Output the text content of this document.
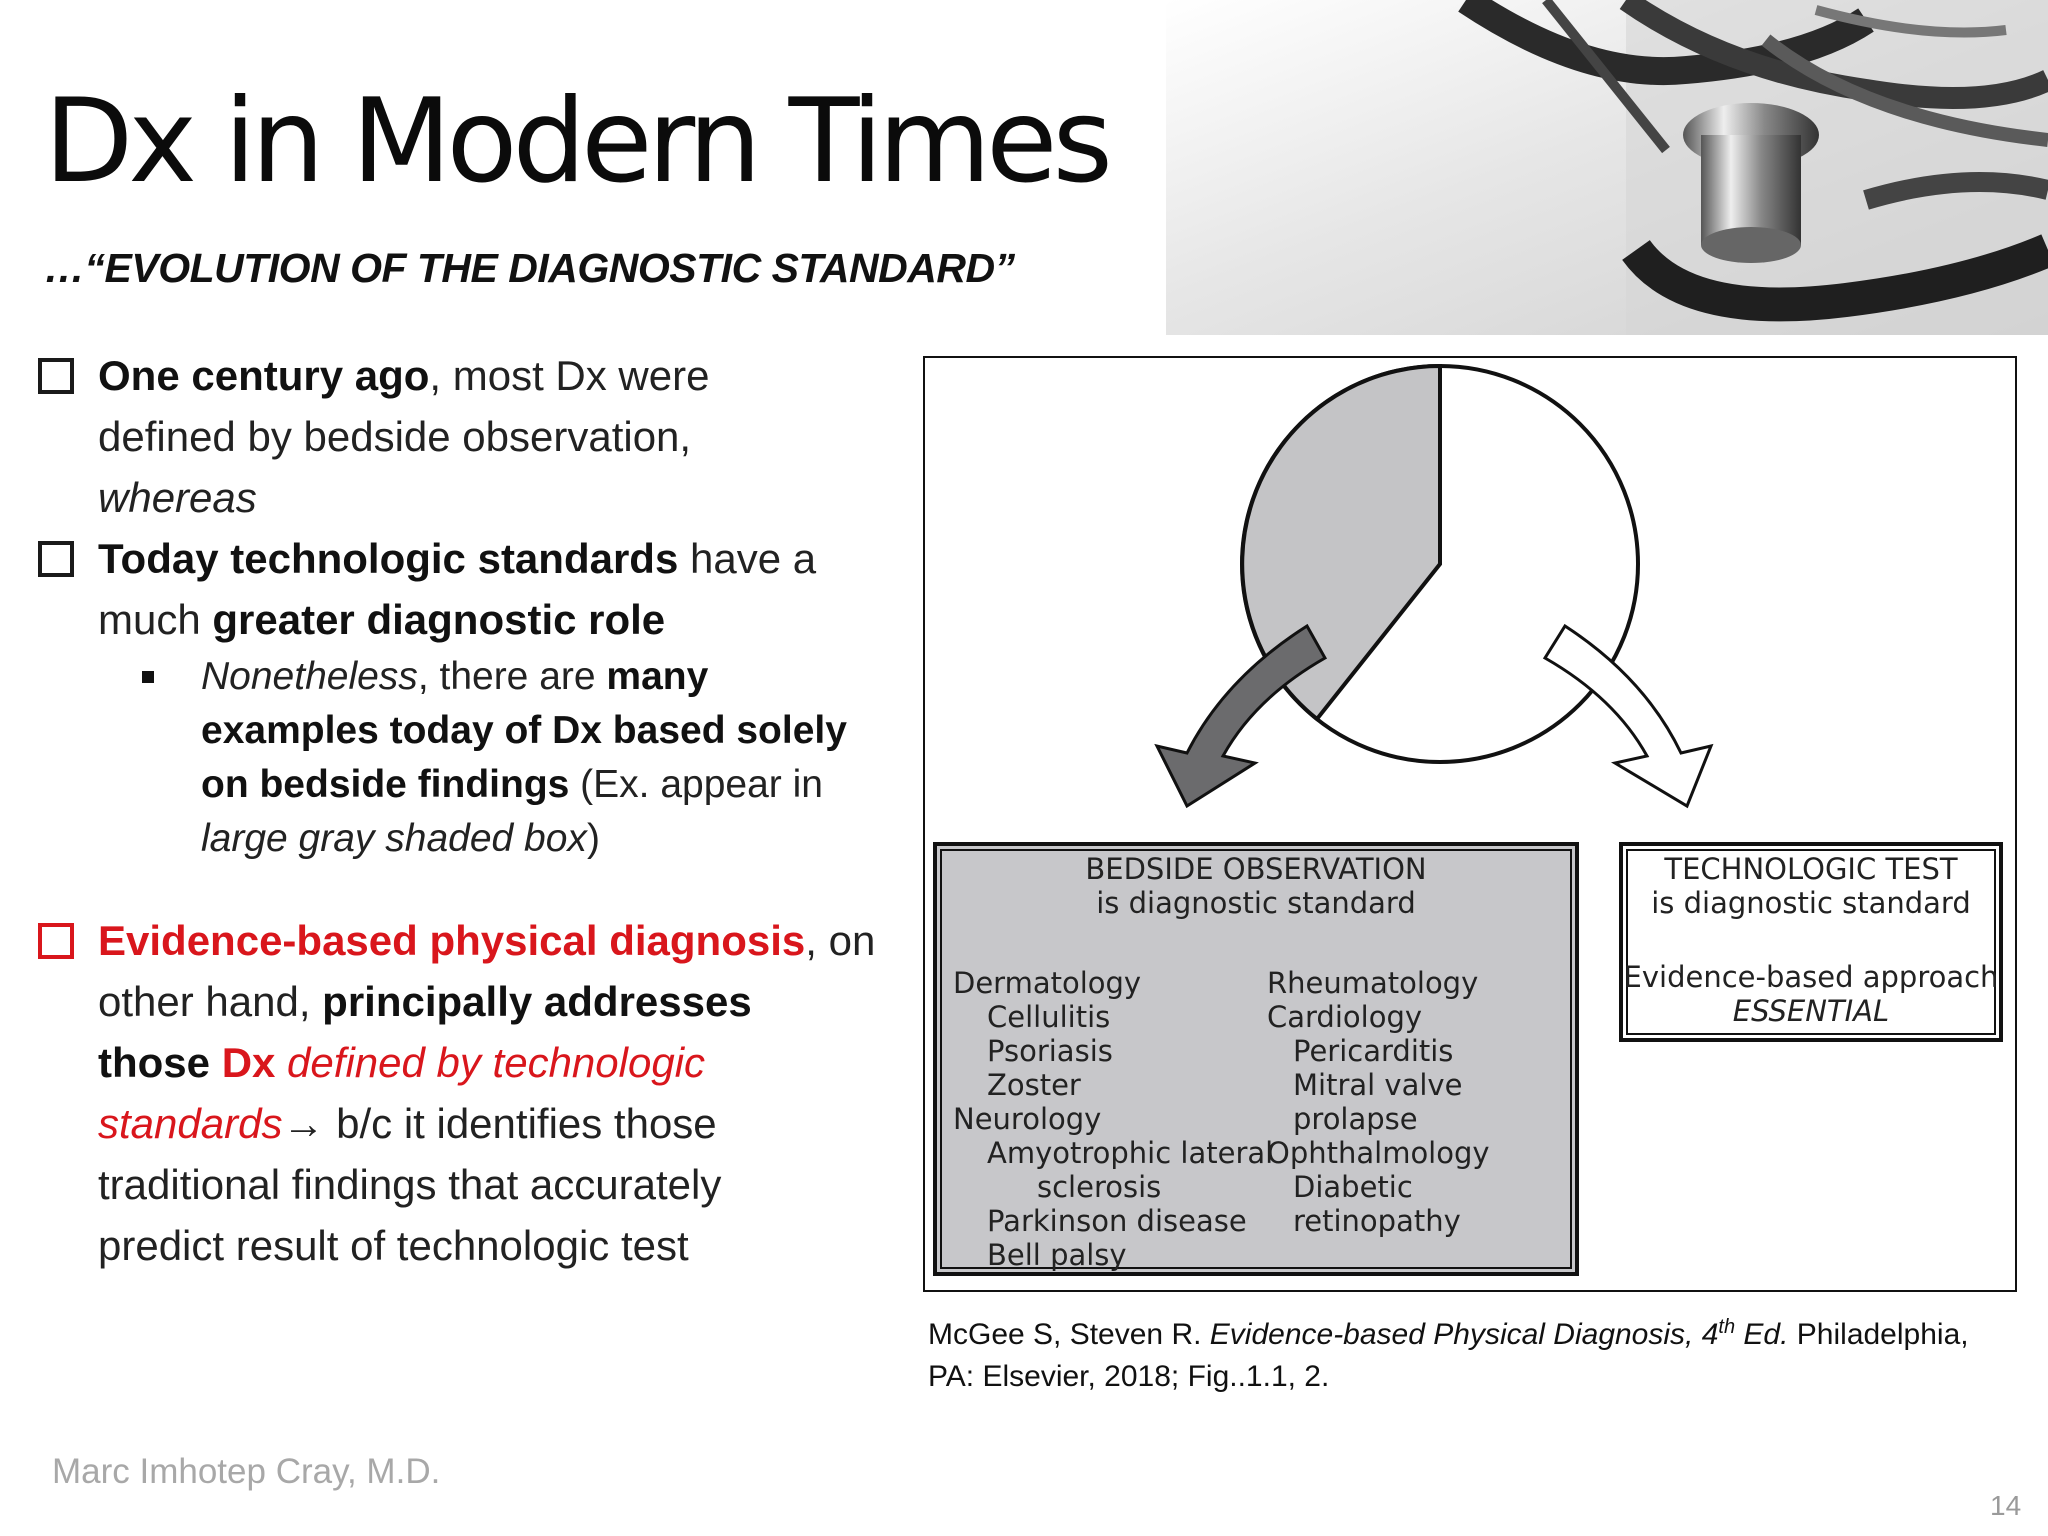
Dx in Modern Times

…“EVOLUTION OF THE DIAGNOSTIC STANDARD”

One century ago, most Dx were
defined by bedside observation,
whereas
Today technologic standards have a
much greater diagnostic role
Nonetheless, there are many
examples today of Dx based solely
on bedside findings (Ex. appear in
large gray shaded box)
Evidence-based physical diagnosis, on
other hand, principally addresses
those Dx defined by technologic
standards→ b/c it identifies those
traditional findings that accurately
predict result of technologic test
BEDSIDE OBSERVATION
is diagnostic standard
Dermatology
Cellulitis
Psoriasis
Zoster
Neurology
Amyotrophic lateral
sclerosis
Parkinson disease
Bell palsy
Rheumatology
Cardiology
Pericarditis
Mitral valve prolapse
Ophthalmology
Diabetic retinopathy
TECHNOLOGIC TEST
is diagnostic standard
Evidence-based approach
ESSENTIAL
McGee S, Steven R. Evidence-based Physical Diagnosis, 4th Ed. Philadelphia,
PA: Elsevier, 2018; Fig..1.1, 2.
Marc Imhotep Cray, M.D.
14
